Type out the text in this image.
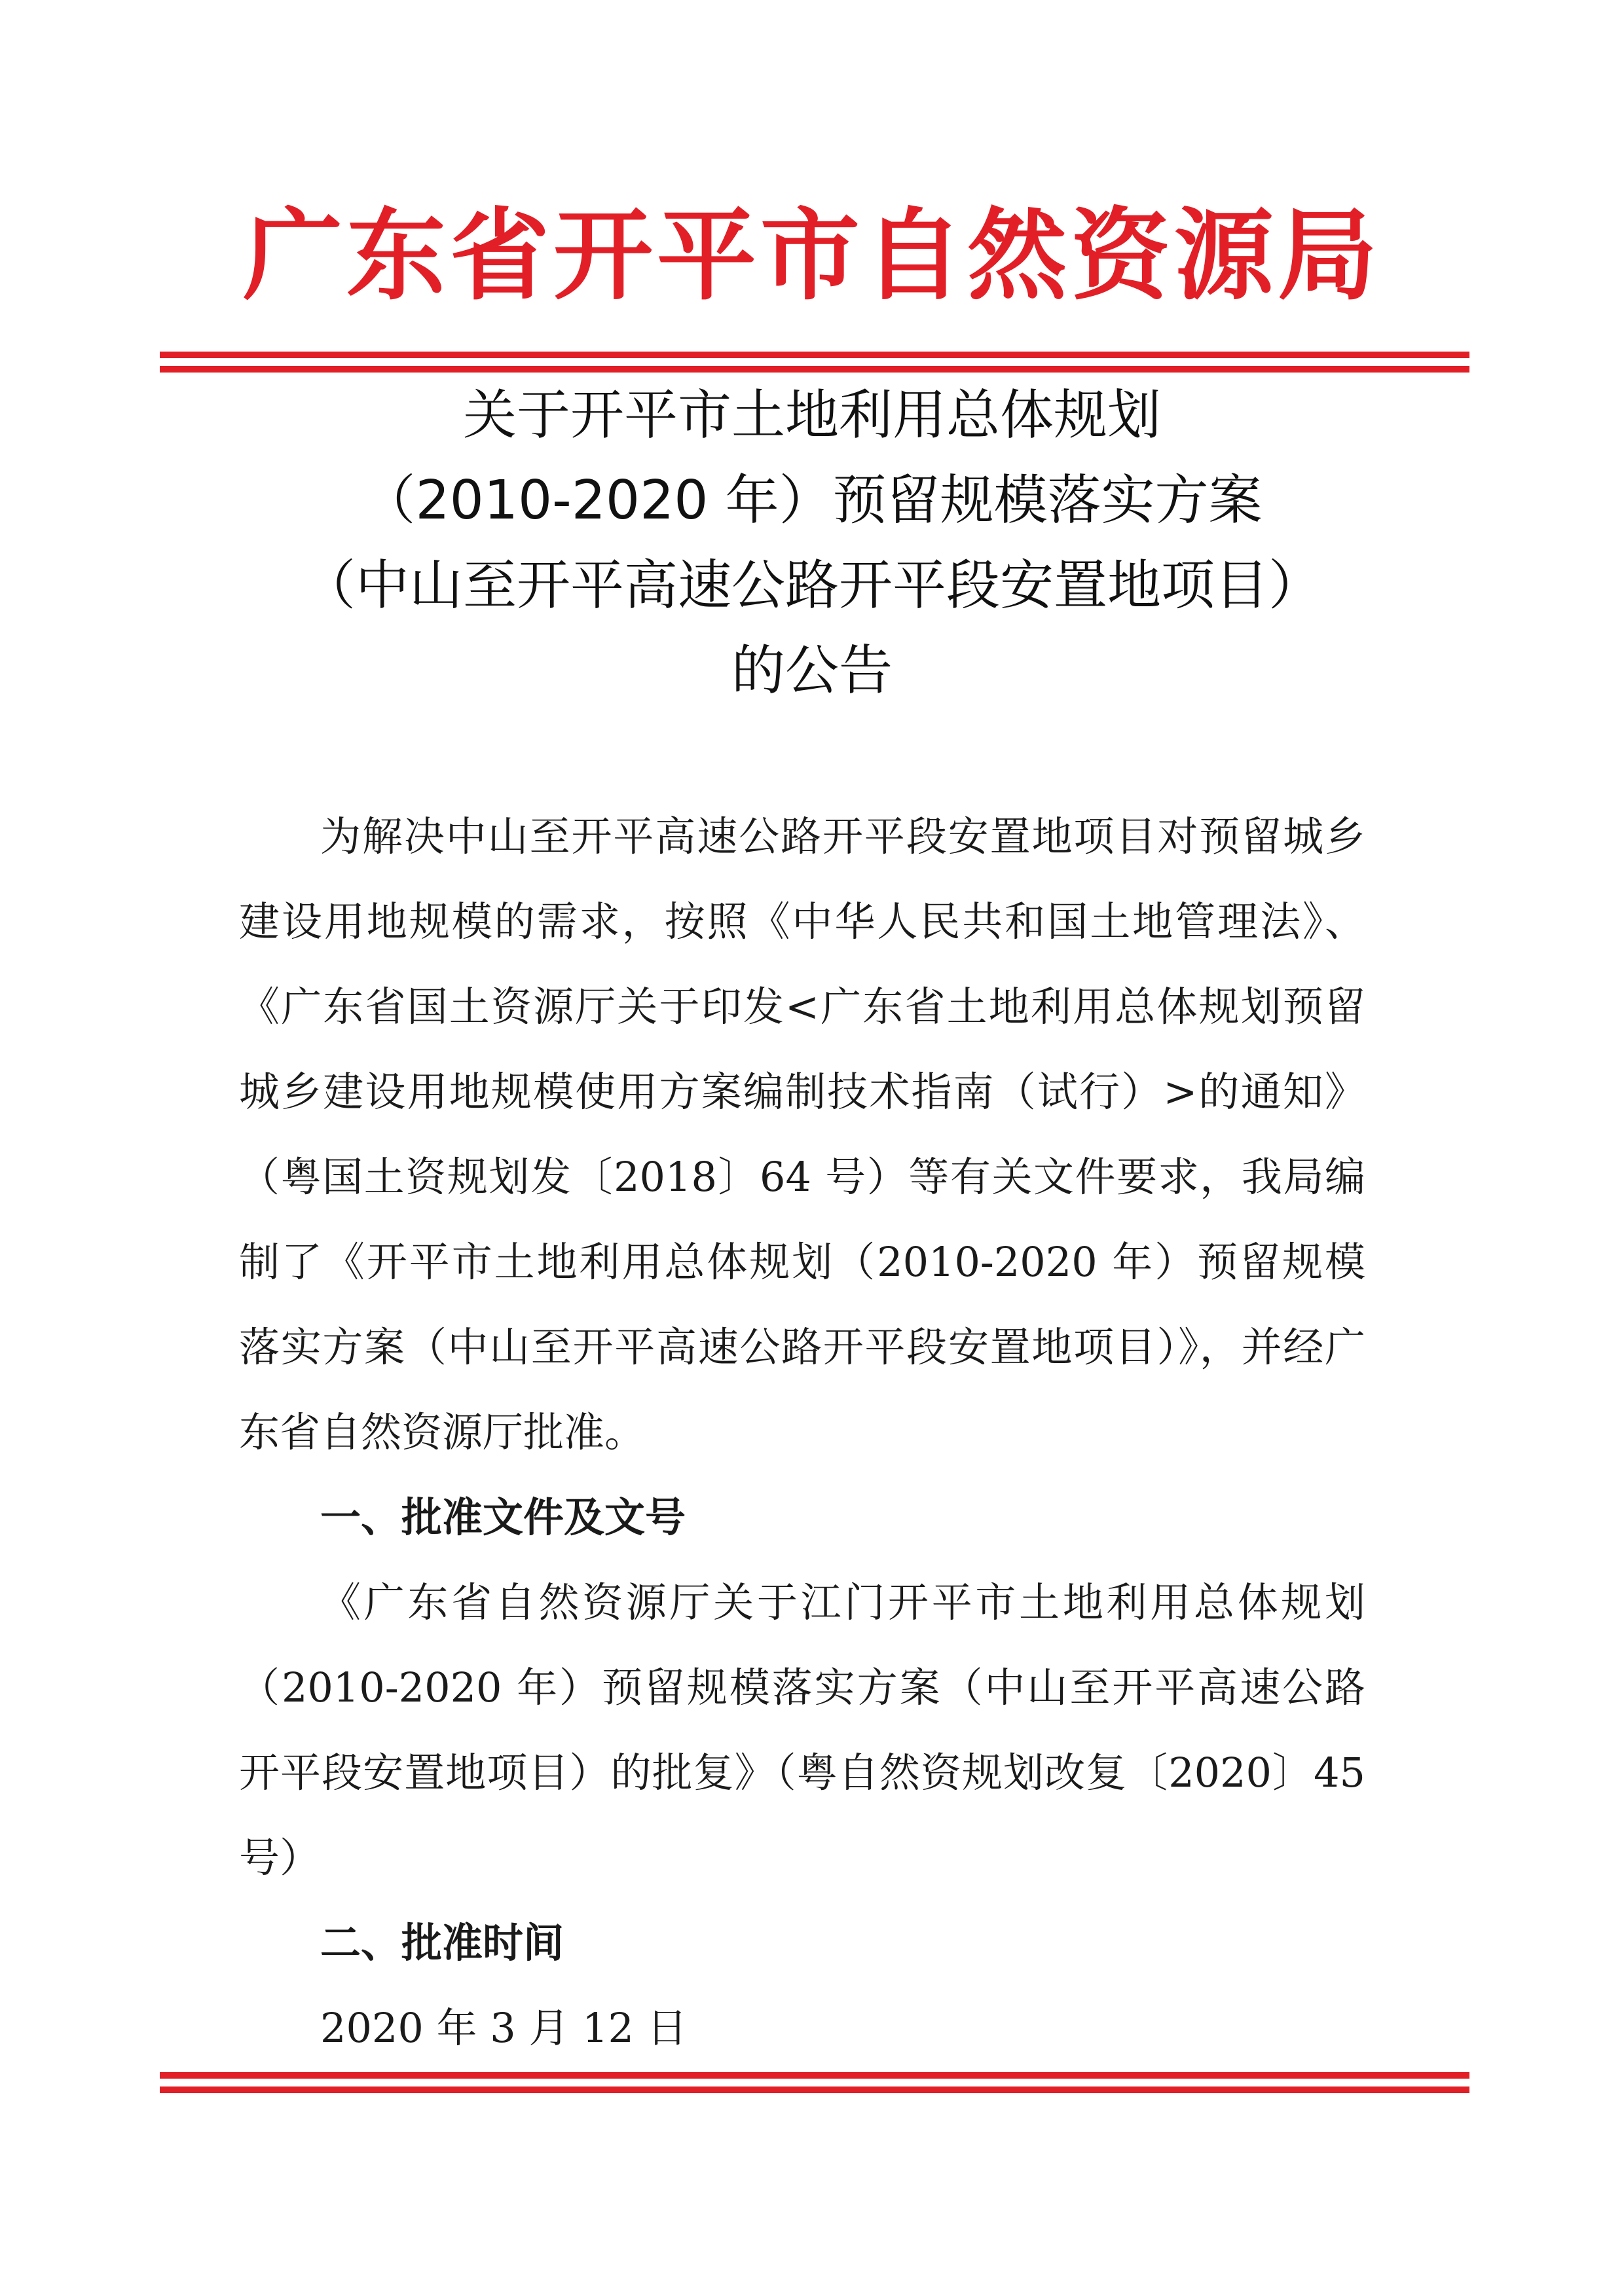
广东省开平市自然资源局
关于开平市土地利用总体规划
（2010-2020 年）预留规模落实方案
（中山至开平高速公路开平段安置地项目）
的公告

为解决中山至开平高速公路开平段安置地项目对预留城乡建设用地规模的需求，按照《中华人民共和国土地管理法》、《广东省国土资源厅关于印发<广东省土地利用总体规划预留城乡建设用地规模使用方案编制技术指南（试行）>的通知》（粤国土资规划发〔2018〕64 号）等有关文件要求，我局编制了《开平市土地利用总体规划（2010-2020 年）预留规模落实方案（中山至开平高速公路开平段安置地项目）》，并经广东省自然资源厅批准。

一、批准文件及文号

《广东省自然资源厅关于江门开平市土地利用总体规划（2010-2020 年）预留规模落实方案（中山至开平高速公路开平段安置地项目）的批复》（粤自然资规划改复〔2020〕45 号）

二、批准时间

2020 年 3 月 12 日
